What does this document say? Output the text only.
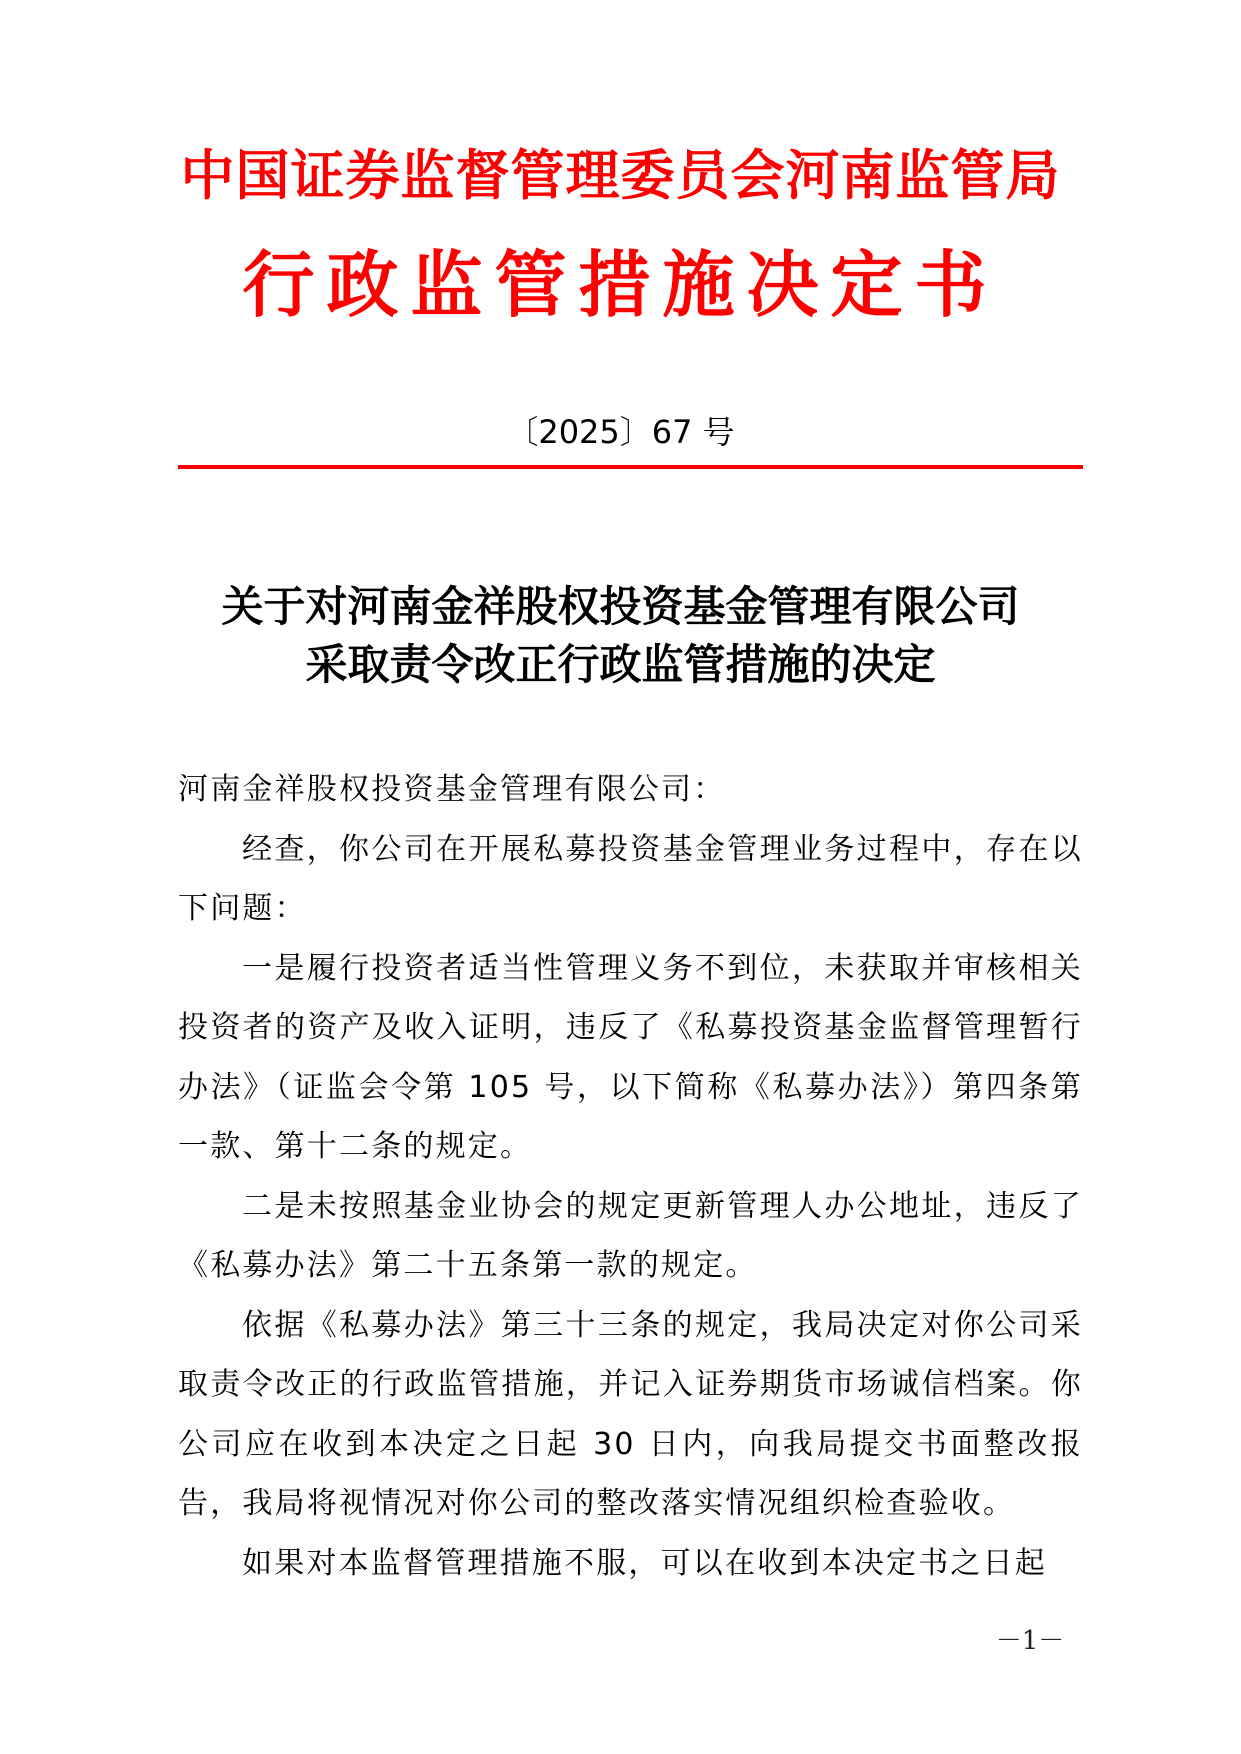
中国证券监督管理委员会河南监管局
行政监管措施决定书
〔2025〕67 号
关于对河南金祥股权投资基金管理有限公司
采取责令改正行政监管措施的决定

河南金祥股权投资基金管理有限公司：

经查，你公司在开展私募投资基金管理业务过程中，存在以下问题：

一是履行投资者适当性管理义务不到位，未获取并审核相关投资者的资产及收入证明，违反了《私募投资基金监督管理暂行办法》（证监会令第 105 号，以下简称《私募办法》）第四条第一款、第十二条的规定。

二是未按照基金业协会的规定更新管理人办公地址，违反了《私募办法》第二十五条第一款的规定。

依据《私募办法》第三十三条的规定，我局决定对你公司采取责令改正的行政监管措施，并记入证券期货市场诚信档案。你公司应在收到本决定之日起 30 日内，向我局提交书面整改报告，我局将视情况对你公司的整改落实情况组织检查验收。

如果对本监督管理措施不服，可以在收到本决定书之日起

－1－
